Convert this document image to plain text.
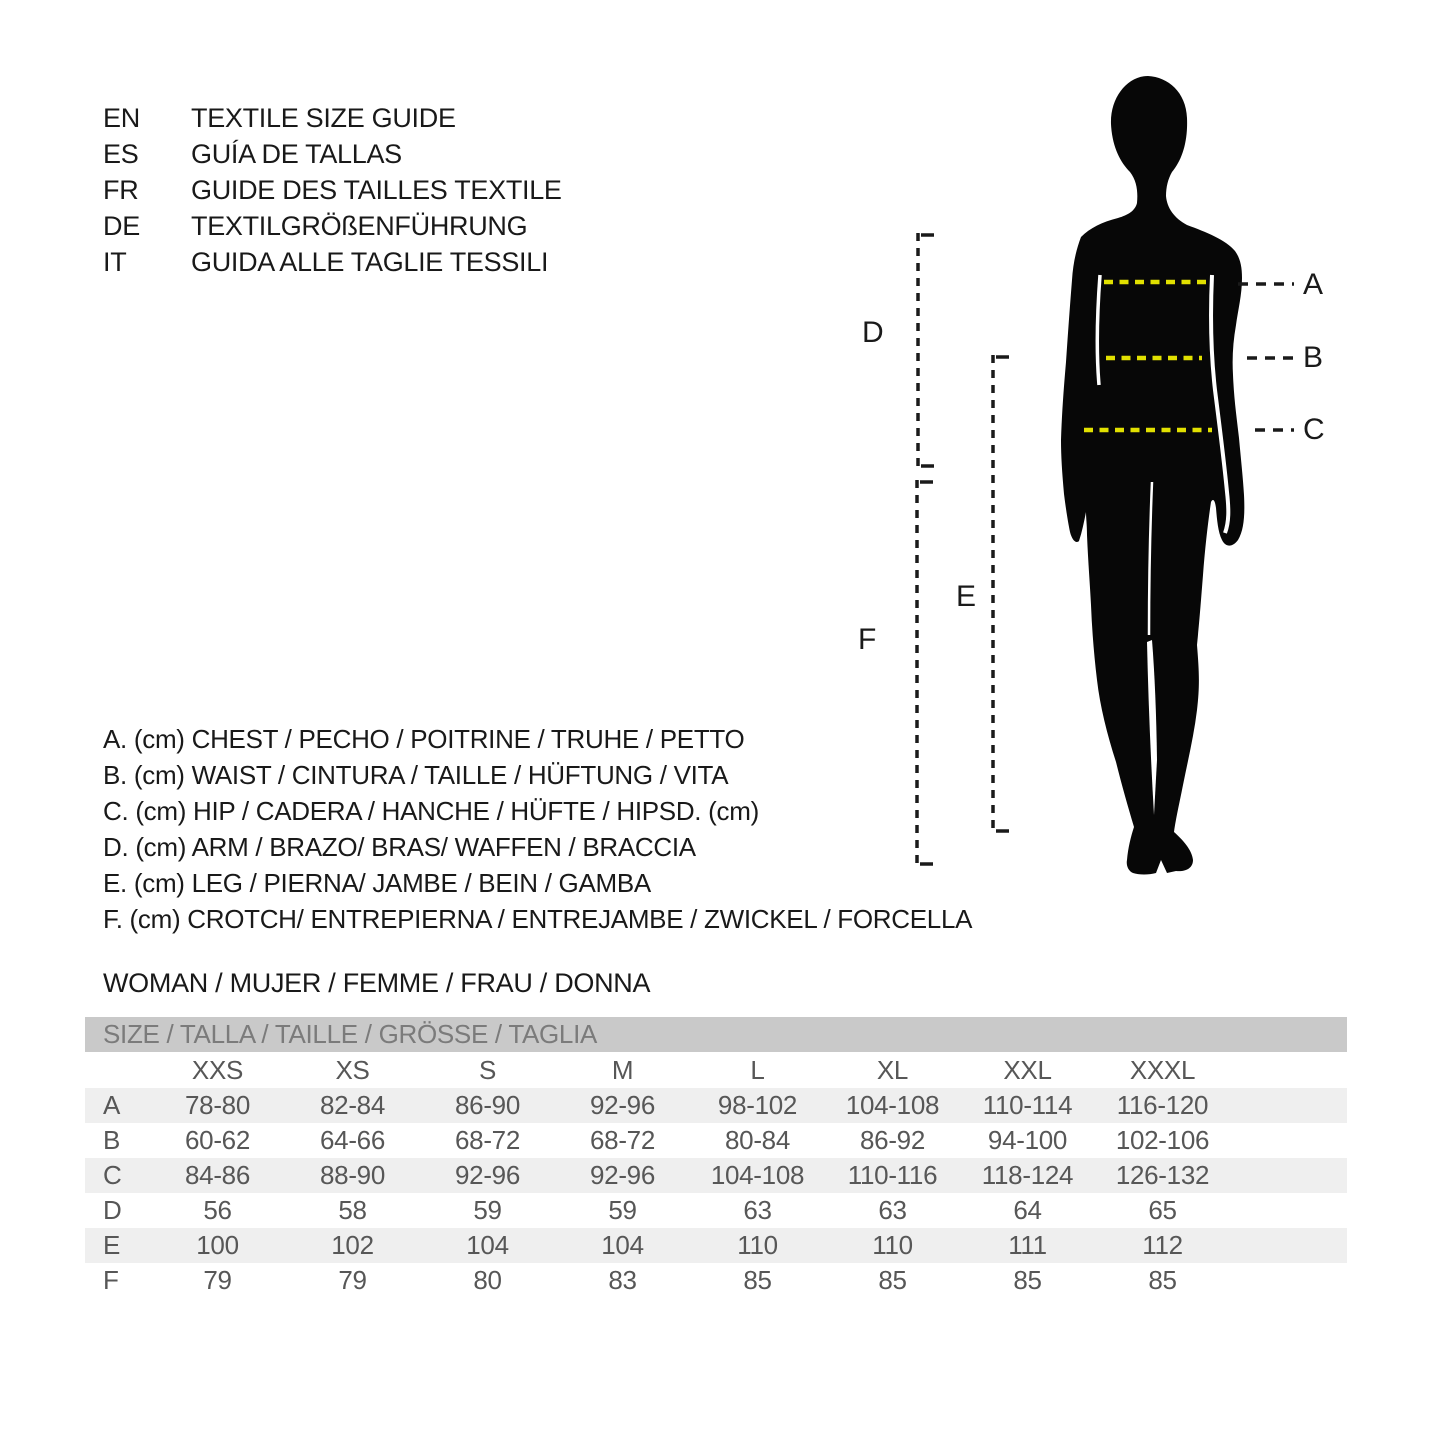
EN	TEXTILE SIZE GUIDE
ES	GUÍA DE TALLAS
FR	GUIDE DES TAILLES TEXTILE
DE	TEXTILGRÖßENFÜHRUNG
IT	GUIDA ALLE TAGLIE TESSILI
A
B
C
D
E
F
A. (cm) CHEST / PECHO / POITRINE / TRUHE / PETTO
B. (cm) WAIST / CINTURA / TAILLE / HÜFTUNG / VITA
C. (cm) HIP / CADERA / HANCHE / HÜFTE / HIPSD. (cm)
D. (cm) ARM / BRAZO/ BRAS/ WAFFEN / BRACCIA
E. (cm) LEG / PIERNA/ JAMBE / BEIN / GAMBA
F. (cm) CROTCH/ ENTREPIERNA / ENTREJAMBE / ZWICKEL / FORCELLA
WOMAN / MUJER / FEMME / FRAU / DONNA
SIZE / TALLA / TAILLE / GRÖSSE / TAGLIA
XXS	XS	S	M	L	XL	XXL	XXXL
A	78-80	82-84	86-90	92-96	98-102	104-108	110-114	116-120
B	60-62	64-66	68-72	68-72	80-84	86-92	94-100	102-106
C	84-86	88-90	92-96	92-96	104-108	110-116	118-124	126-132
D	56	58	59	59	63	63	64	65
E	100	102	104	104	110	110	111	112
F	79	79	80	83	85	85	85	85
